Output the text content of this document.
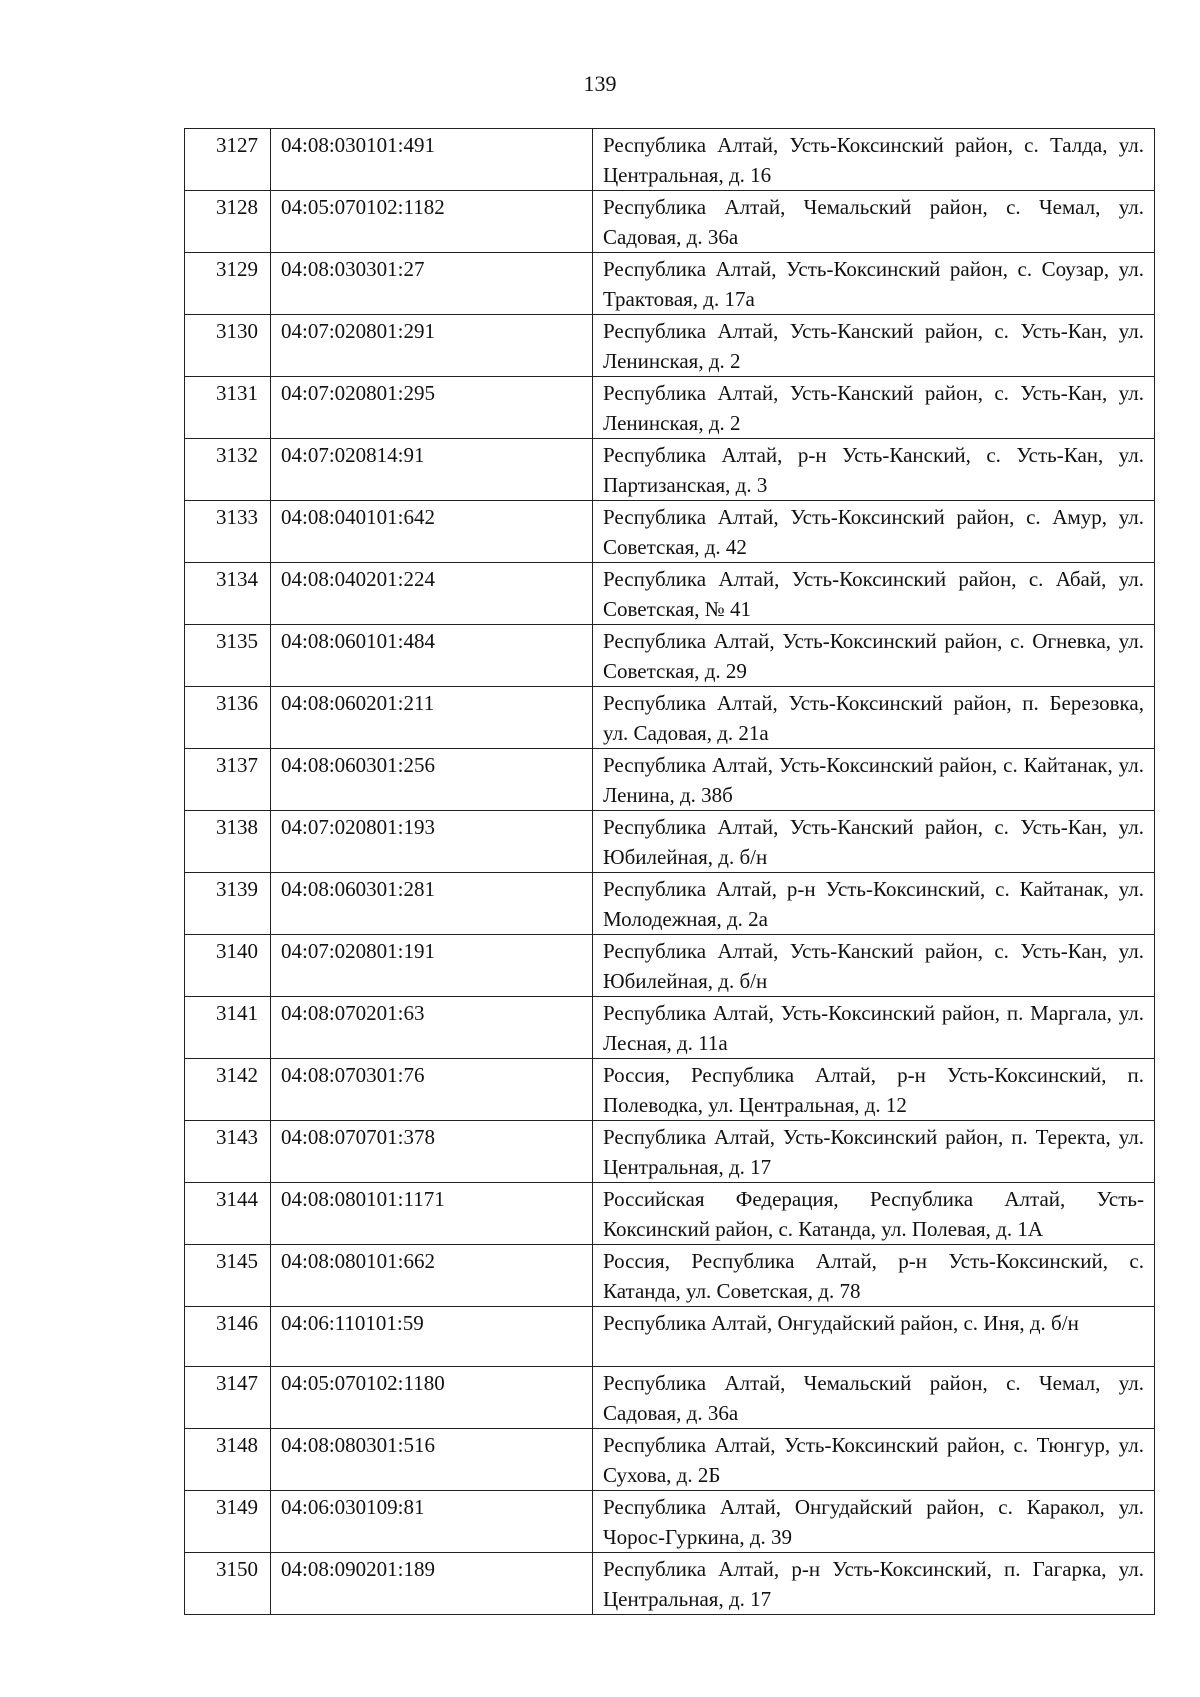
139
3127	04:08:030101:491	Республика Алтай, Усть-Коксинский район, с. Талда, ул. Центральная, д. 16
3128	04:05:070102:1182	Республика Алтай, Чемальский район, с. Чемал, ул. Садовая, д. 36а
3129	04:08:030301:27	Республика Алтай, Усть-Коксинский район, с. Соузар, ул. Трактовая, д. 17а
3130	04:07:020801:291	Республика Алтай, Усть-Канский район, с. Усть-Кан, ул. Ленинская, д. 2
3131	04:07:020801:295	Республика Алтай, Усть-Канский район, с. Усть-Кан, ул. Ленинская, д. 2
3132	04:07:020814:91	Республика Алтай, р-н Усть-Канский, с. Усть-Кан, ул. Партизанская, д. 3
3133	04:08:040101:642	Республика Алтай, Усть-Коксинский район, с. Амур, ул. Советская, д. 42
3134	04:08:040201:224	Республика Алтай, Усть-Коксинский район, с. Абай, ул. Советская, № 41
3135	04:08:060101:484	Республика Алтай, Усть-Коксинский район, с. Огневка, ул. Советская, д. 29
3136	04:08:060201:211	Республика Алтай, Усть-Коксинский район, п. Березовка, ул. Садовая, д. 21а
3137	04:08:060301:256	Республика Алтай, Усть-Коксинский район, с. Кайтанак, ул. Ленина, д. 38б
3138	04:07:020801:193	Республика Алтай, Усть-Канский район, с. Усть-Кан, ул. Юбилейная, д. б/н
3139	04:08:060301:281	Республика Алтай, р-н Усть-Коксинский, с. Кайтанак, ул. Молодежная, д. 2а
3140	04:07:020801:191	Республика Алтай, Усть-Канский район, с. Усть-Кан, ул. Юбилейная, д. б/н
3141	04:08:070201:63	Республика Алтай, Усть-Коксинский район, п. Маргала, ул. Лесная, д. 11а
3142	04:08:070301:76	Россия, Республика Алтай, р-н Усть-Коксинский, п. Полеводка, ул. Центральная, д. 12
3143	04:08:070701:378	Республика Алтай, Усть-Коксинский район, п. Теректа, ул. Центральная, д. 17
3144	04:08:080101:1171	Российская Федерация, Республика Алтай, Усть-Коксинский район, с. Катанда, ул. Полевая, д. 1А
3145	04:08:080101:662	Россия, Республика Алтай, р-н Усть-Коксинский, с. Катанда, ул. Советская, д. 78
3146	04:06:110101:59	Республика Алтай, Онгудайский район, с. Иня, д. б/н
3147	04:05:070102:1180	Республика Алтай, Чемальский район, с. Чемал, ул. Садовая, д. 36а
3148	04:08:080301:516	Республика Алтай, Усть-Коксинский район, с. Тюнгур, ул. Сухова, д. 2Б
3149	04:06:030109:81	Республика Алтай, Онгудайский район, с. Каракол, ул. Чорос-Гуркина, д. 39
3150	04:08:090201:189	Республика Алтай, р-н Усть-Коксинский, п. Гагарка, ул. Центральная, д. 17
